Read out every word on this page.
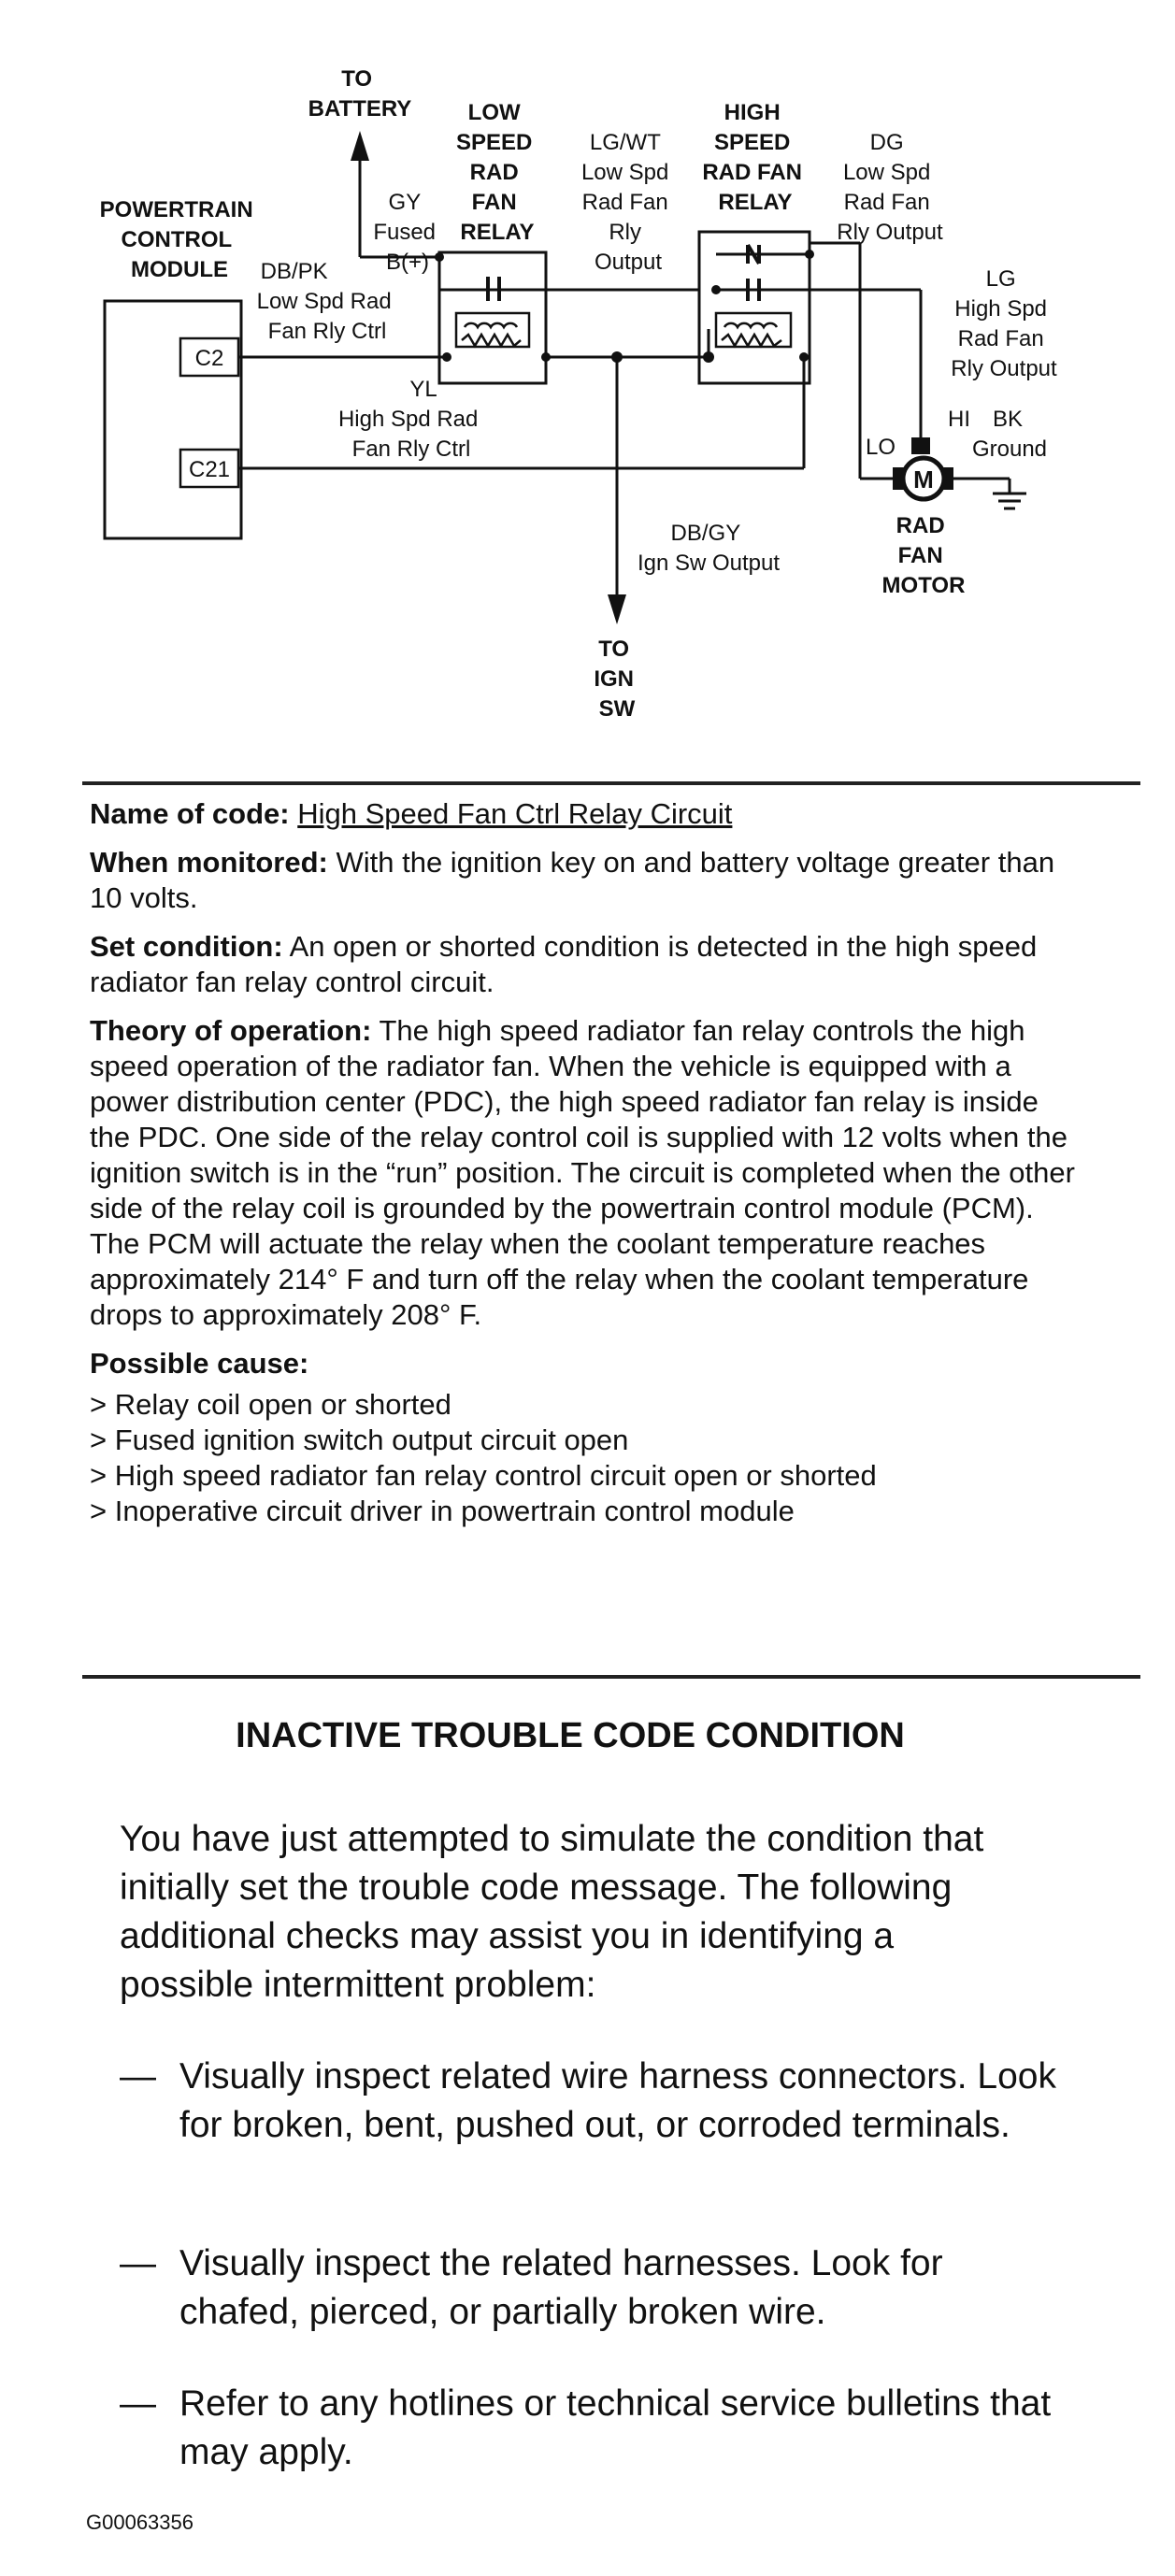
M
TO BATTERY
POWERTRAIN CONTROL MODULE
C2
C21
LOW SPEED RAD FAN RELAY
HIGH SPEED RAD FAN RELAY
GY Fused B(+)
DB/PK Low Spd Rad Fan Rly Ctrl
YL High Spd Rad Fan Rly Ctrl
LG/WT Low Spd Rad Fan Rly Output
DG Low Spd Rad Fan Rly Output
LG High Spd Rad Fan Rly Output
HI BK
Ground
LO
RAD FAN MOTOR
DB/GY Ign Sw Output
TO IGN SW

Name of code: High Speed Fan Ctrl Relay Circuit

When monitored: With the ignition key on and battery voltage greater than 10 volts.

Set condition: An open or shorted condition is detected in the high speed radiator fan relay control circuit.

Theory of operation: The high speed radiator fan relay controls the high speed operation of the radiator fan. When the vehicle is equipped with a power distribution center (PDC), the high speed radiator fan relay is inside the PDC. One side of the relay control coil is supplied with 12 volts when the ignition switch is in the “run” position. The circuit is completed when the other side of the relay coil is grounded by the powertrain control module (PCM). The PCM will actuate the relay when the coolant temperature reaches approximately 214° F and turn off the relay when the coolant temperature drops to approximately 208° F.

Possible cause:

> Relay coil open or shorted
> Fused ignition switch output circuit open
> High speed radiator fan relay control circuit open or shorted
> Inoperative circuit driver in powertrain control module
INACTIVE TROUBLE CODE CONDITION
You have just attempted to simulate the condition that initially set the trouble code message. The following additional checks may assist you in identifying a possible intermittent problem:
— Visually inspect related wire harness connectors. Look for broken, bent, pushed out, or corroded terminals.
— Visually inspect the related harnesses. Look for chafed, pierced, or partially broken wire.
— Refer to any hotlines or technical service bulletins that may apply.
G00063356
